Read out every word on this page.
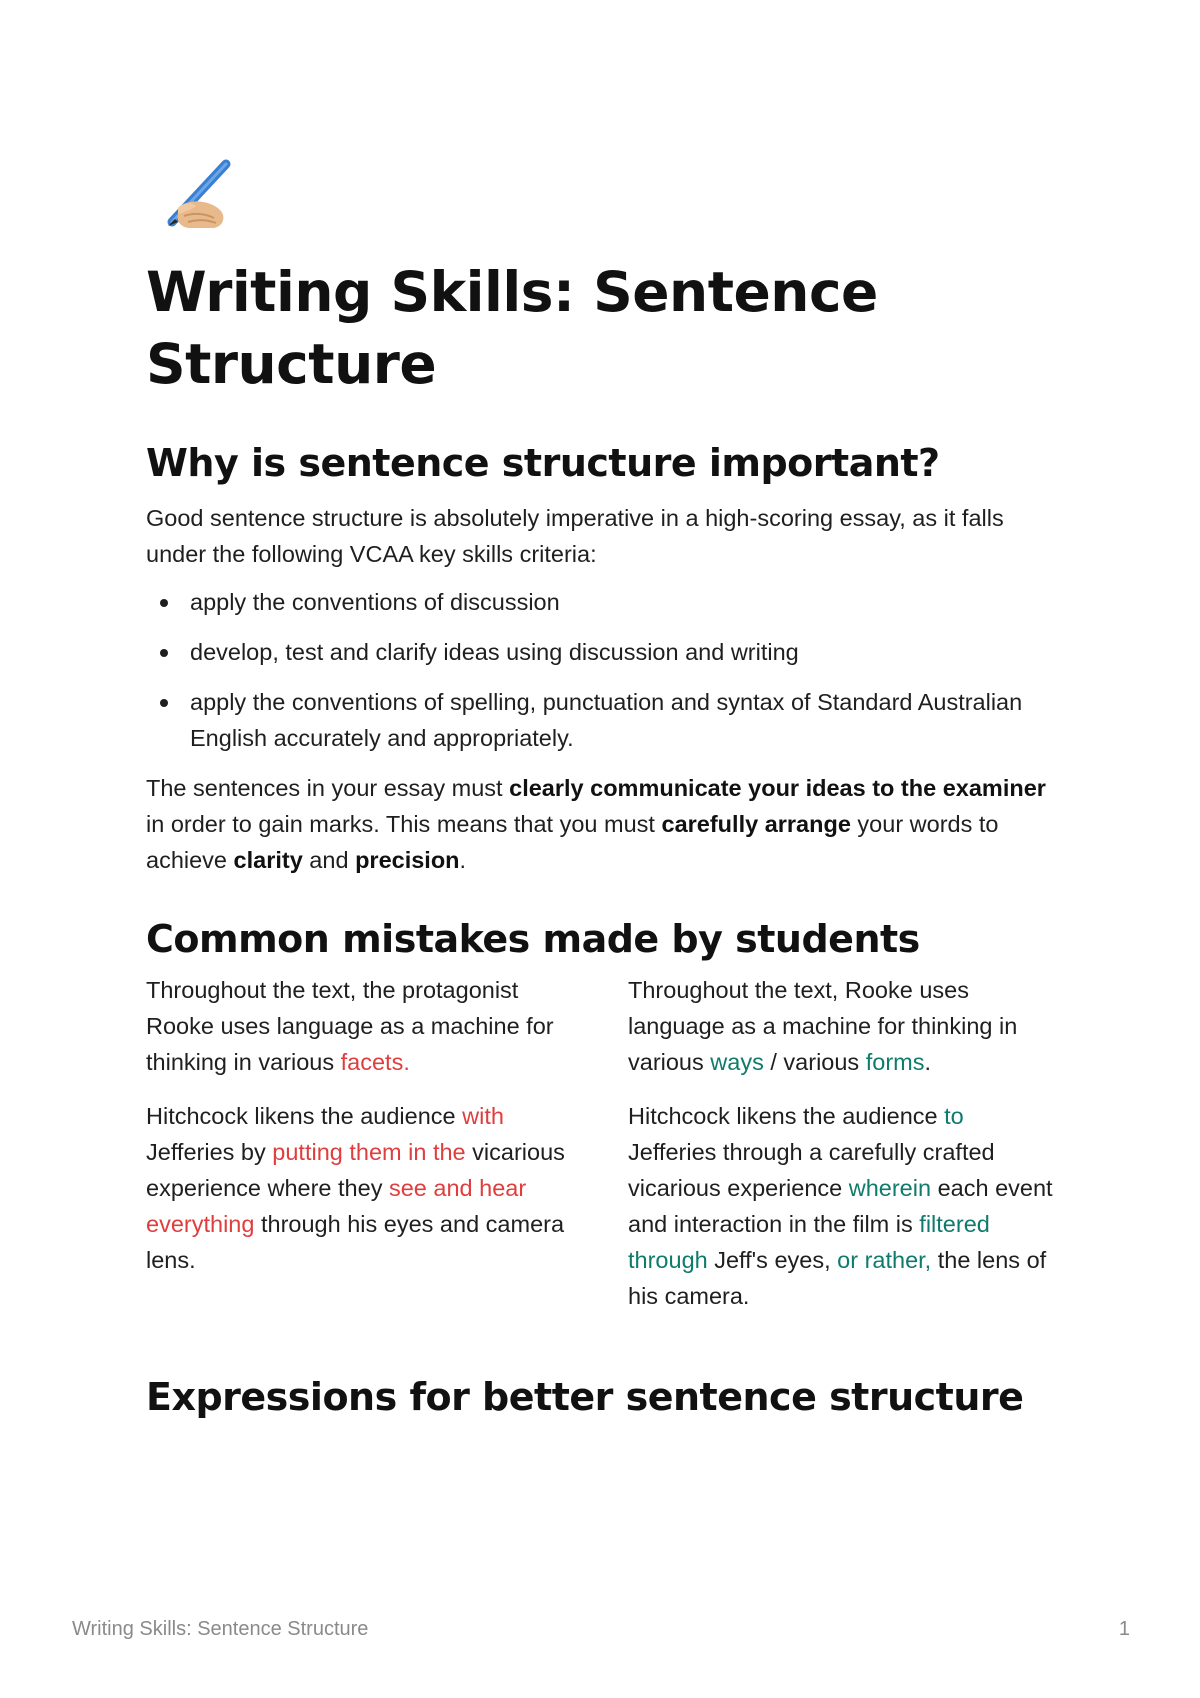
Writing Skills: Sentence Structure
Why is sentence structure important?

Good sentence structure is absolutely imperative in a high-scoring essay, as it falls under the following VCAA key skills criteria:

apply the conventions of discussion
develop, test and clarify ideas using discussion and writing
apply the conventions of spelling, punctuation and syntax of Standard Australian English accurately and appropriately.

The sentences in your essay must clearly communicate your ideas to the examiner in order to gain marks. This means that you must carefully arrange your words to achieve clarity and precision.

Common mistakes made by students

Throughout the text, the protagonist Rooke uses language as a machine for thinking in various facets.

Hitchcock likens the audience with Jefferies by putting them in the vicarious experience where they see and hear everything through his eyes and camera lens.

Throughout the text, Rooke uses language as a machine for thinking in various ways / various forms.

Hitchcock likens the audience to Jefferies through a carefully crafted vicarious experience wherein each event and interaction in the film is filtered through Jeff's eyes, or rather, the lens of his camera.

Expressions for better sentence structure
Writing Skills: Sentence Structure	1
